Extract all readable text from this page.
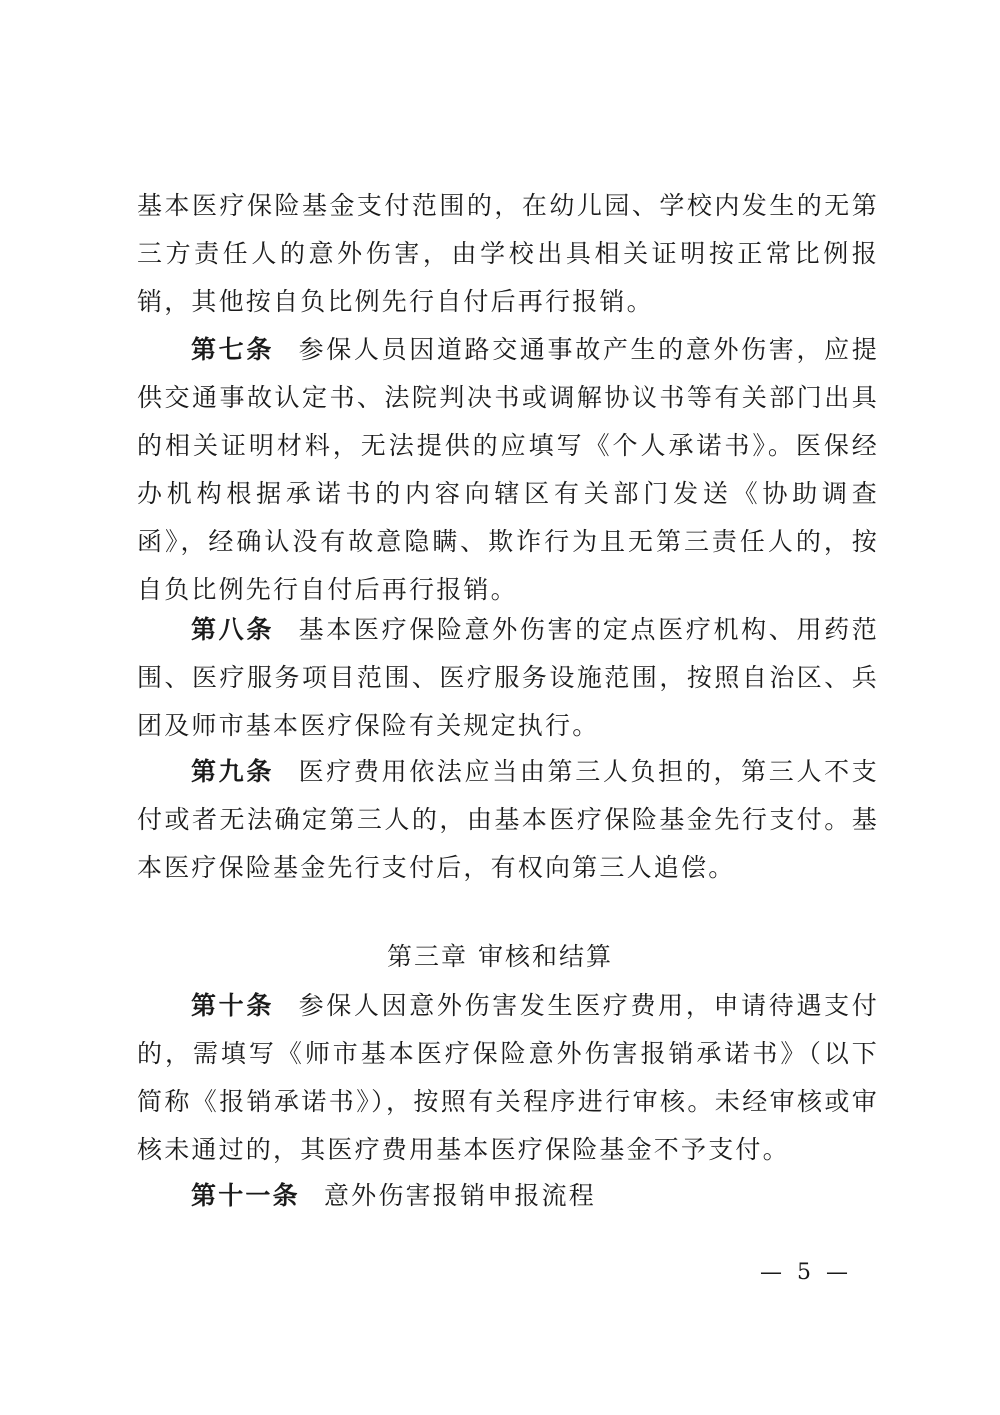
基本医疗保险基金支付范围的，在幼儿园、学校内发生的无第三方责任人的意外伤害，由学校出具相关证明按正常比例报销，其他按自负比例先行自付后再行报销。

第七条 参保人员因道路交通事故产生的意外伤害，应提供交通事故认定书、法院判决书或调解协议书等有关部门出具的相关证明材料，无法提供的应填写《个人承诺书》。医保经办机构根据承诺书的内容向辖区有关部门发送《协助调查函》，经确认没有故意隐瞒、欺诈行为且无第三责任人的，按自负比例先行自付后再行报销。

第八条 基本医疗保险意外伤害的定点医疗机构、用药范围、医疗服务项目范围、医疗服务设施范围，按照自治区、兵团及师市基本医疗保险有关规定执行。

第九条 医疗费用依法应当由第三人负担的，第三人不支付或者无法确定第三人的，由基本医疗保险基金先行支付。基本医疗保险基金先行支付后，有权向第三人追偿。

第三章 审核和结算

第十条 参保人因意外伤害发生医疗费用，申请待遇支付的，需填写《师市基本医疗保险意外伤害报销承诺书》（以下简称《报销承诺书》），按照有关程序进行审核。未经审核或审核未通过的，其医疗费用基本医疗保险基金不予支付。

第十一条 意外伤害报销申报流程

— 5 —
